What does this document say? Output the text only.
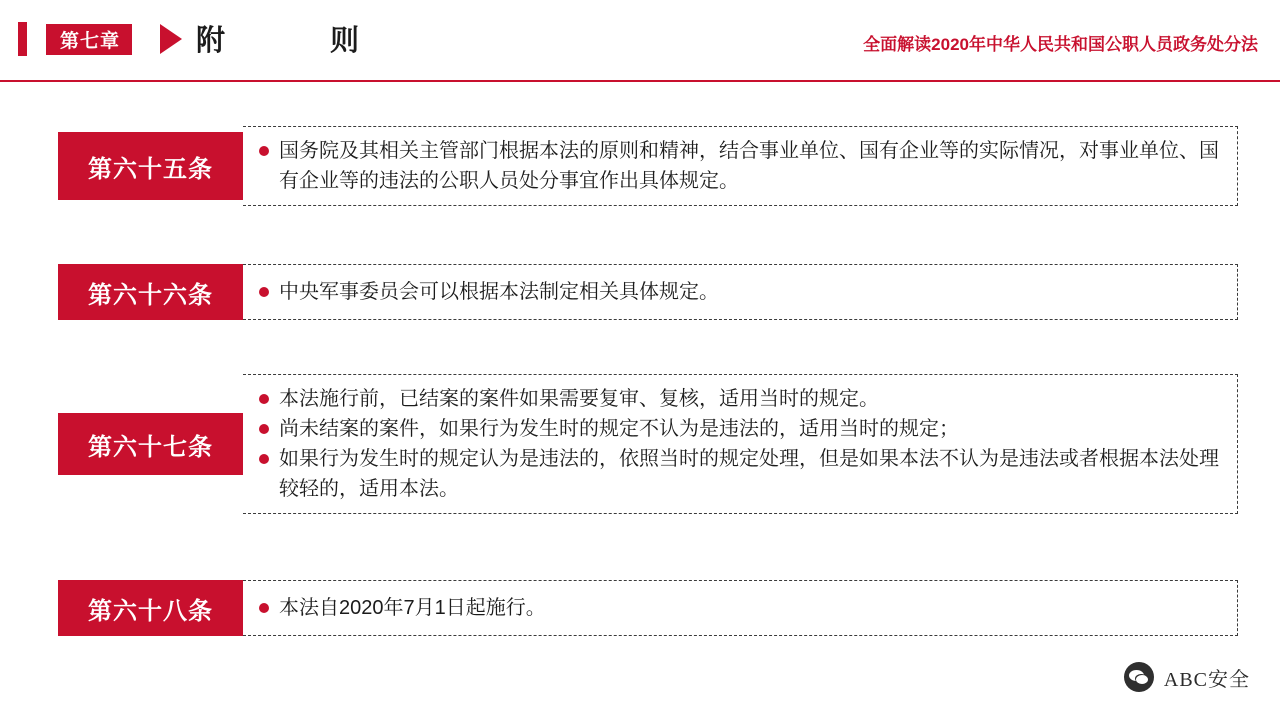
第七章	附　则	全面解读2020年中华人民共和国公职人员政务处分法
第六十五条
国务院及其相关主管部门根据本法的原则和精神，结合事业单位、国有企业等的实际情况，对事业单位、国有企业等的违法的公职人员处分事宜作出具体规定。
第六十六条	中央军事委员会可以根据本法制定相关具体规定。
第六十七条
本法施行前，已结案的案件如果需要复审、复核，适用当时的规定。
尚未结案的案件，如果行为发生时的规定不认为是违法的，适用当时的规定；
如果行为发生时的规定认为是违法的，依照当时的规定处理，但是如果本法不认为是违法或者根据本法处理较轻的，适用本法。
第六十八条	本法自2020年7月1日起施行。
ABC安全
